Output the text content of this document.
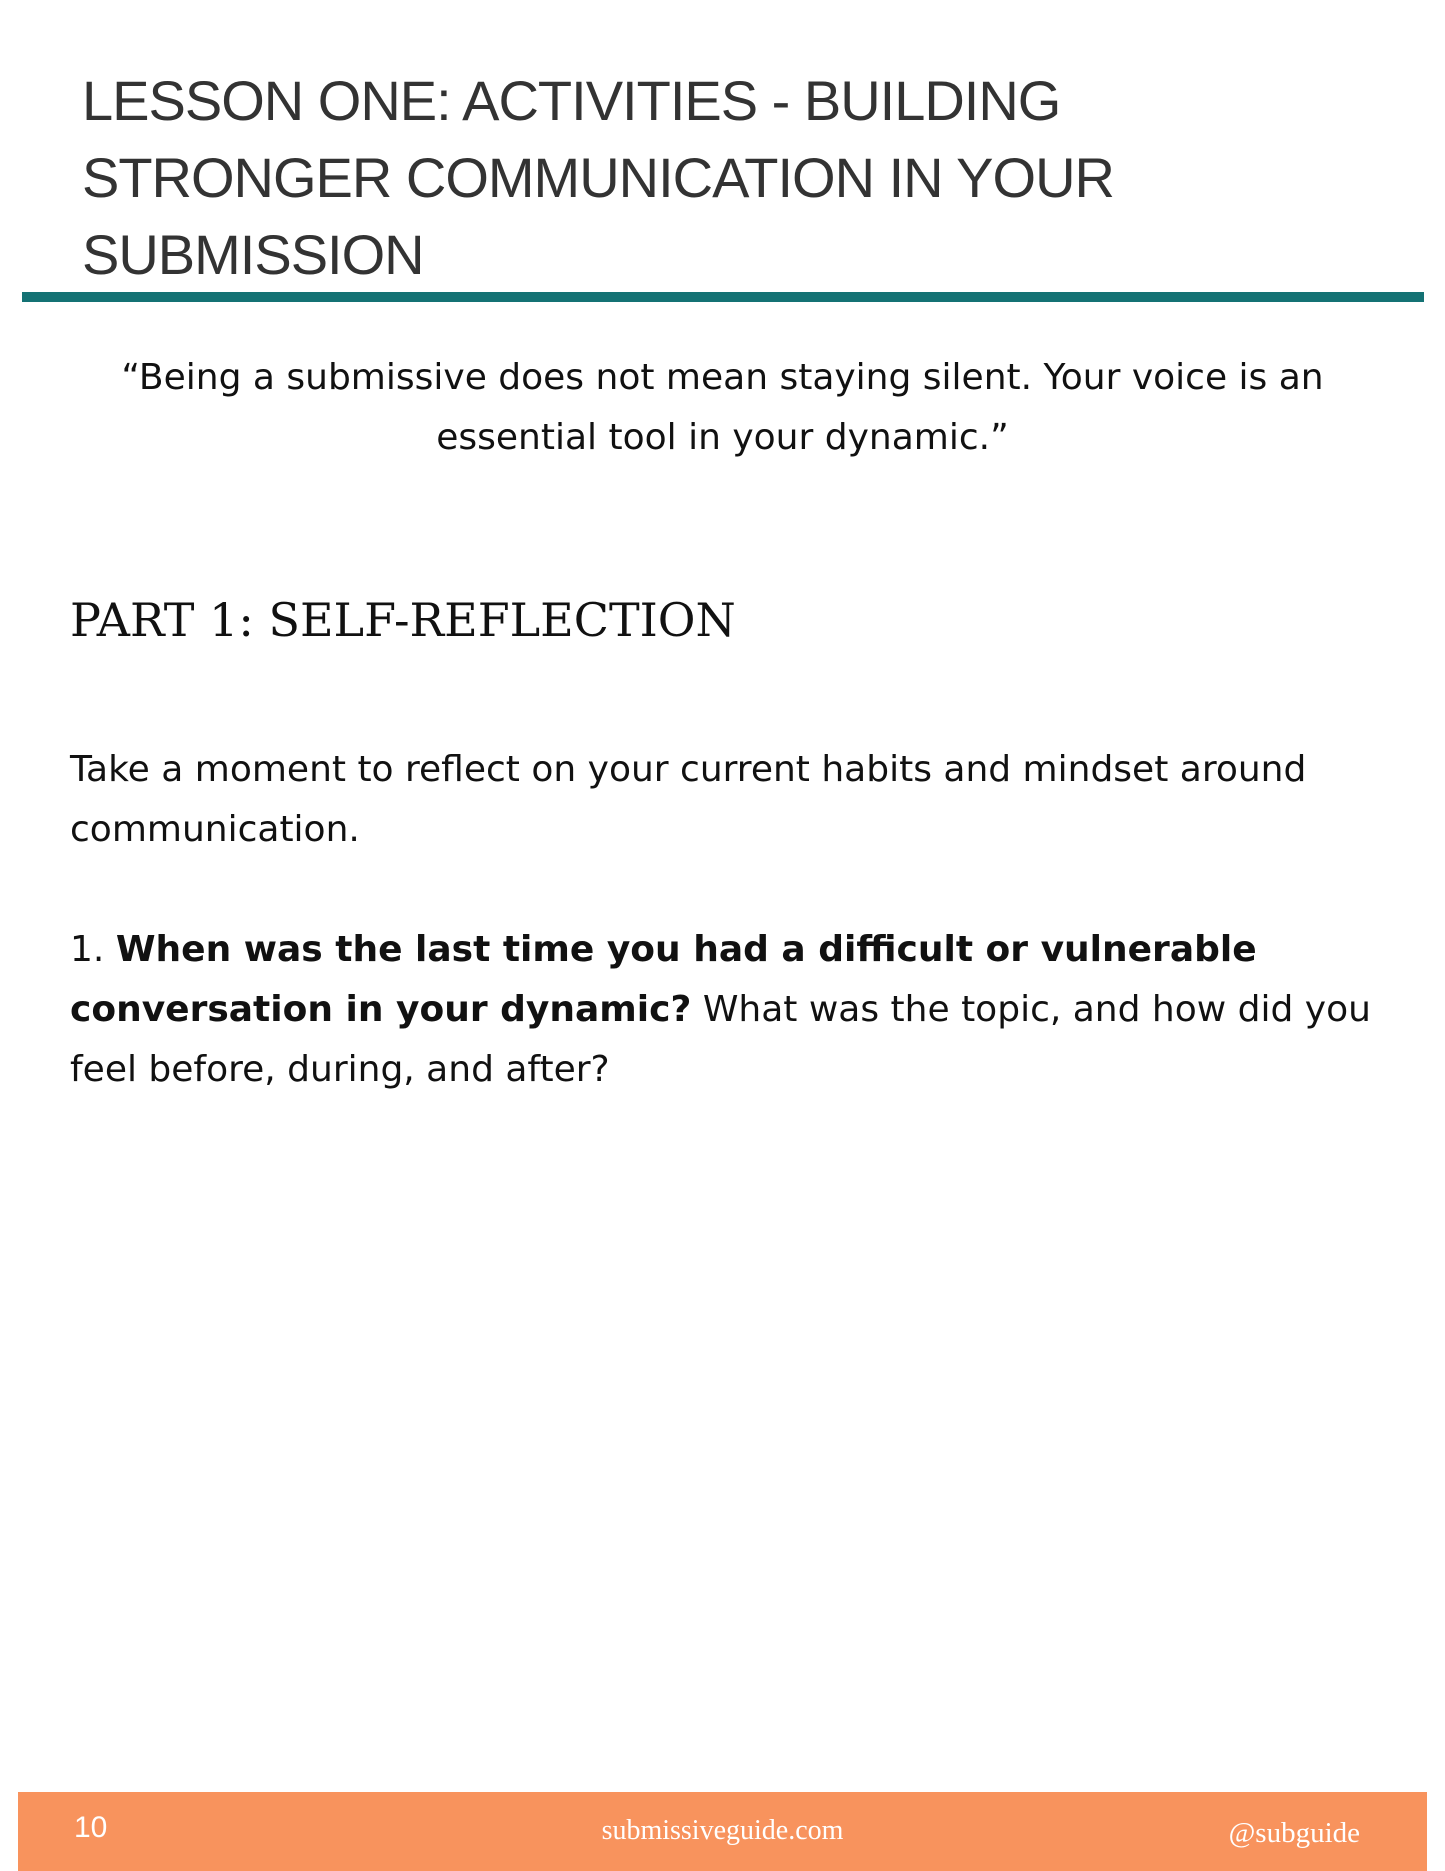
LESSON ONE: ACTIVITIES - BUILDING STRONGER COMMUNICATION IN YOUR SUBMISSION

“Being a submissive does not mean staying silent. Your voice is an essential tool in your dynamic.”

PART 1: SELF-REFLECTION

Take a moment to reflect on your current habits and mindset around communication.

1. When was the last time you had a difficult or vulnerable conversation in your dynamic? What was the topic, and how did you feel before, during, and after?

10	submissiveguide.com	@subguide
